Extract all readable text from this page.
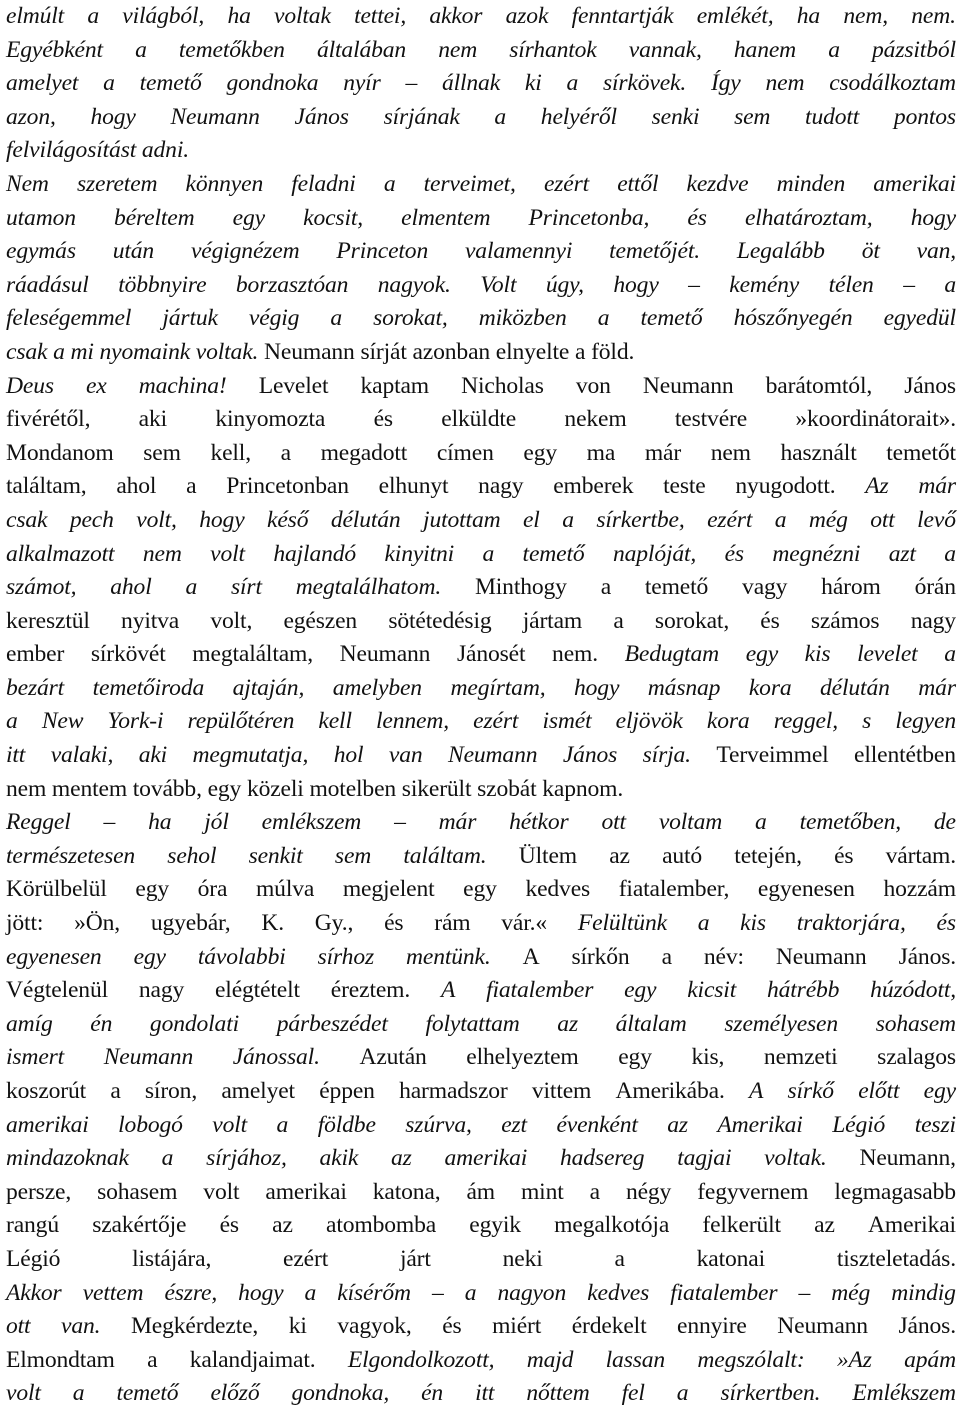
elmúlt a világból, ha voltak tettei, akkor azok fenntartják emlékét, ha nem, nem.
Egyébként a temetőkben általában nem sírhantok vannak, hanem a pázsitból
amelyet a temető gondnoka nyír – állnak ki a sírkövek. Így nem csodálkoztam
azon, hogy Neumann János sírjának a helyéről senki sem tudott pontos
felvilágosítást adni.
Nem szeretem könnyen feladni a terveimet, ezért ettől kezdve minden amerikai
utamon béreltem egy kocsit, elmentem Princetonba, és elhatároztam, hogy
egymás után végignézem Princeton valamennyi temetőjét. Legalább öt van,
ráadásul többnyire borzasztóan nagyok. Volt úgy, hogy – kemény télen – a
feleségemmel jártuk végig a sorokat, miközben a temető hószőnyegén egyedül
csak a mi nyomaink voltak. Neumann sírját azonban elnyelte a föld.
Deus ex machina! Levelet kaptam Nicholas von Neumann barátomtól, János
fivérétől, aki kinyomozta és elküldte nekem testvére »koordinátorait».
Mondanom sem kell, a megadott címen egy ma már nem használt temetőt
találtam, ahol a Princetonban elhunyt nagy emberek teste nyugodott. Az már
csak pech volt, hogy késő délután jutottam el a sírkertbe, ezért a még ott levő
alkalmazott nem volt hajlandó kinyitni a temető naplóját, és megnézni azt a
számot, ahol a sírt megtalálhatom. Minthogy a temető vagy három órán
keresztül nyitva volt, egészen sötétedésig jártam a sorokat, és számos nagy
ember sírkövét megtaláltam, Neumann Jánosét nem. Bedugtam egy kis levelet a
bezárt temetőiroda ajtaján, amelyben megírtam, hogy másnap kora délután már
a New York-i repülőtéren kell lennem, ezért ismét eljövök kora reggel, s legyen
itt valaki, aki megmutatja, hol van Neumann János sírja. Terveimmel ellentétben
nem mentem tovább, egy közeli motelben sikerült szobát kapnom.
Reggel – ha jól emlékszem – már hétkor ott voltam a temetőben, de
természetesen sehol senkit sem találtam. Ültem az autó tetején, és vártam.
Körülbelül egy óra múlva megjelent egy kedves fiatalember, egyenesen hozzám
jött: »Ön, ugyebár, K. Gy., és rám vár.« Felültünk a kis traktorjára, és
egyenesen egy távolabbi sírhoz mentünk. A sírkőn a név: Neumann János.
Végtelenül nagy elégtételt éreztem. A fiatalember egy kicsit hátrébb húzódott,
amíg én gondolati párbeszédet folytattam az általam személyesen sohasem
ismert Neumann Jánossal. Azután elhelyeztem egy kis, nemzeti szalagos
koszorút a síron, amelyet éppen harmadszor vittem Amerikába. A sírkő előtt egy
amerikai lobogó volt a földbe szúrva, ezt évenként az Amerikai Légió teszi
mindazoknak a sírjához, akik az amerikai hadsereg tagjai voltak. Neumann,
persze, sohasem volt amerikai katona, ám mint a négy fegyvernem legmagasabb
rangú szakértője és az atombomba egyik megalkotója felkerült az Amerikai
Légió	listájára,	ezért	járt	neki	a	katonai	tiszteletadás.
Akkor vettem észre, hogy a kísérőm – a nagyon kedves fiatalember – még mindig
ott van. Megkérdezte, ki vagyok, és miért érdekelt ennyire Neumann János.
Elmondtam a kalandjaimat. Elgondolkozott, majd lassan megszólalt: »Az apám
volt a temető előző gondnoka, én itt nőttem fel a sírkertben. Emlékszem
